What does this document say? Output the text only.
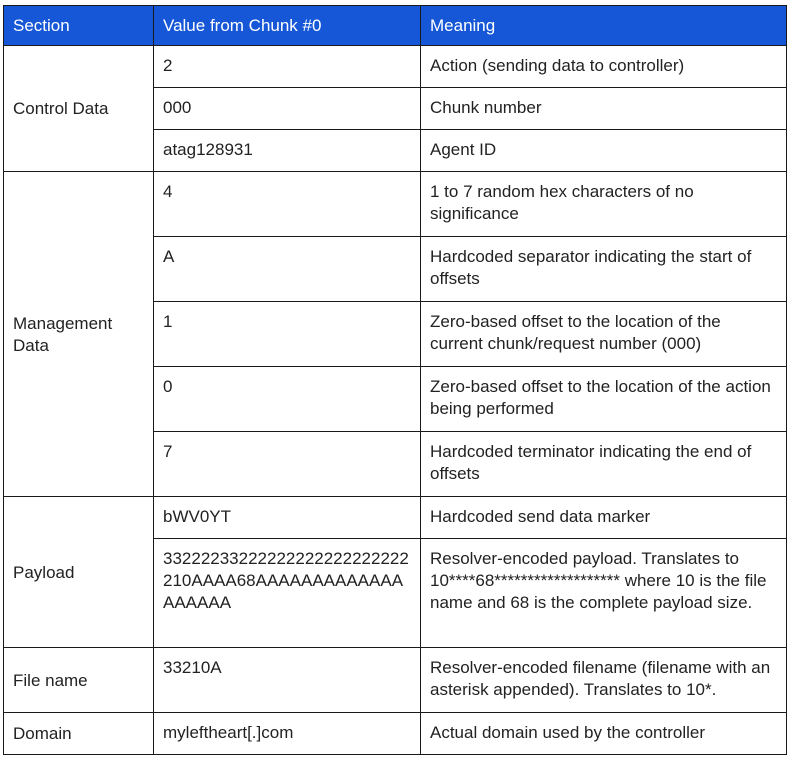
Section	Value from Chunk #0	Meaning
Control Data	2	Action (sending data to controller)
	000	Chunk number
	atag128931	Agent ID
Management Data	4	1 to 7 random hex characters of no significance
	A	Hardcoded separator indicating the start of offsets
	1	Zero-based offset to the location of the current chunk/request number (000)
	0	Zero-based offset to the location of the action being performed
	7	Hardcoded terminator indicating the end of offsets
Payload	bWV0YT	Hardcoded send data marker
	33222233222222222222222222210AAAA68AAAAAAAAAAAAAAAAAAA	Resolver-encoded payload. Translates to 10****68******************* where 10 is the file name and 68 is the complete payload size.
File name	33210A	Resolver-encoded filename (filename with an asterisk appended). Translates to 10*.
Domain	mylefthеart[.]com	Actual domain used by the controller
